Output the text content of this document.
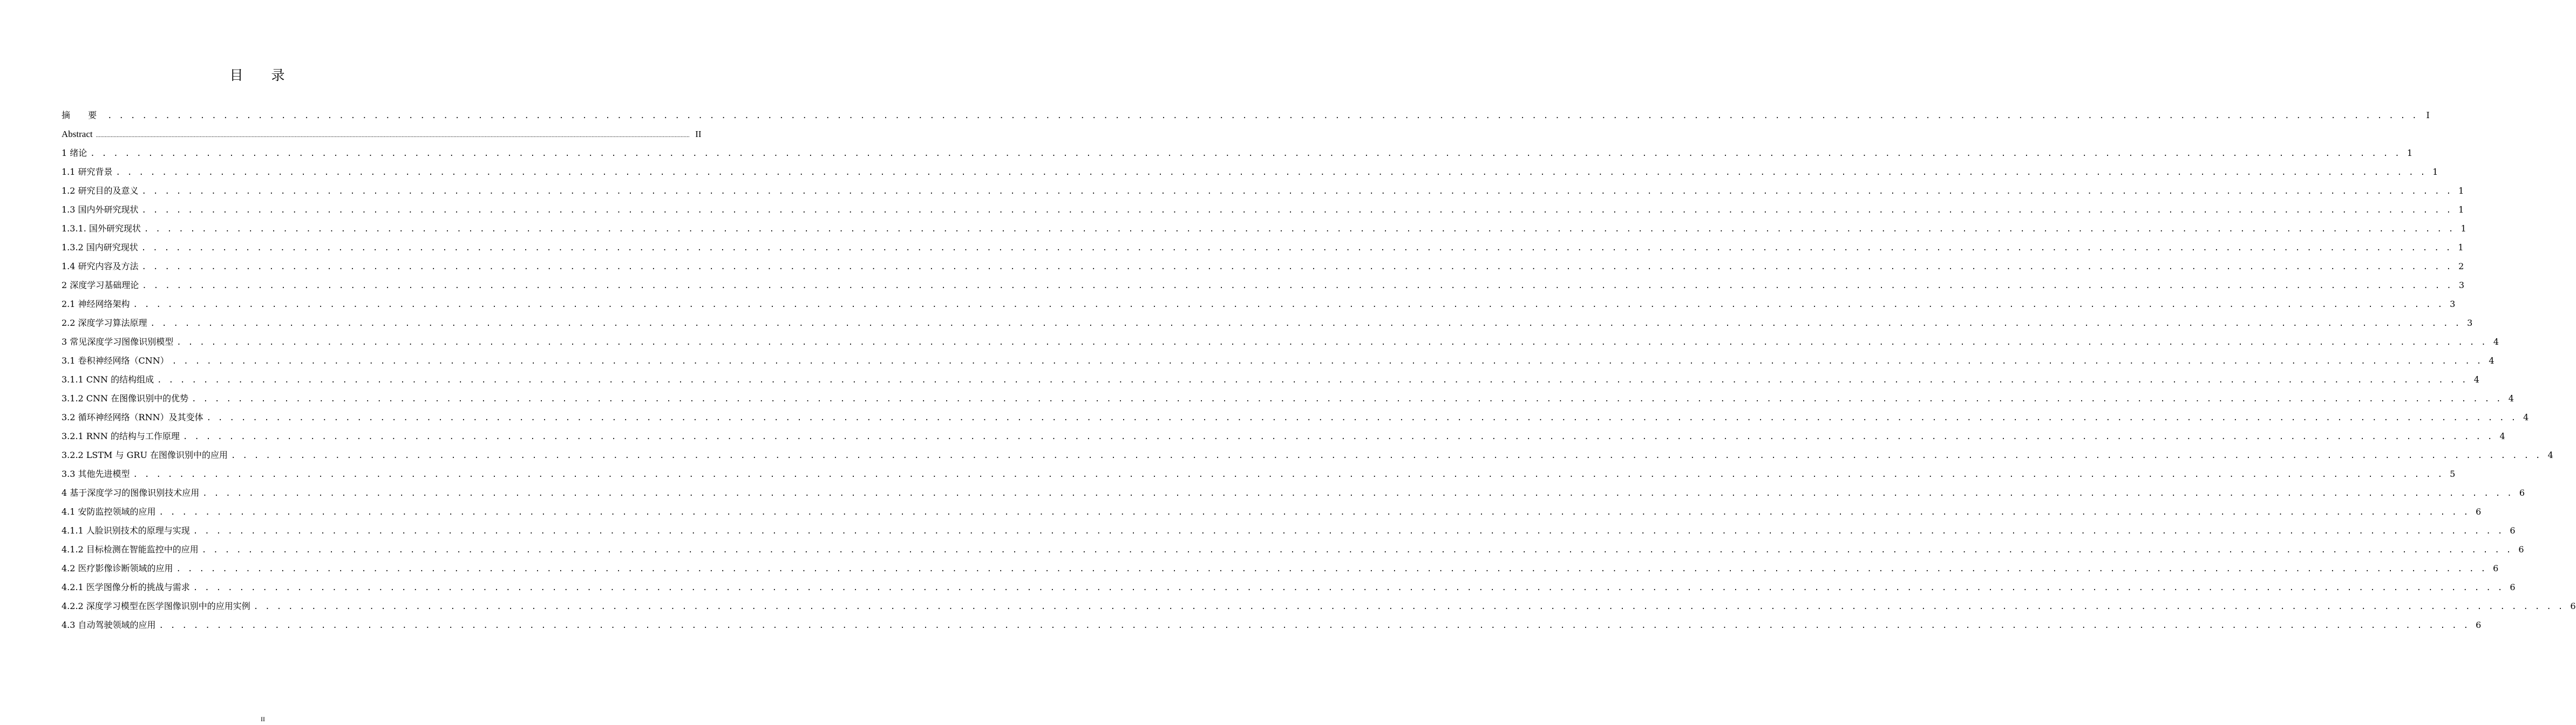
目 录
摘 要 . . . . . . . . . . . . . . . . . . . . . . . . . . . . . . . . . . . . . . . . . . . . . . . . . . . . . . . . . . . . . . . . . . . . . . . . . . . . . . . . . . . . . . . . . . . . . . . . . . . . . . . . . . . . . . . . . . . . . . . . . . . . . . . . . . . . . . . . . . . . . . . . . . . . . . . . . . . . . . . . . . . . . . . . . . . . . . . . . . . . . . . . . . . . . . . . . . . . . . . . I
Abstract ................................................................................................................................................................................................................................................................................................................................................................................................................ II
1 绪论 . . . . . . . . . . . . . . . . . . . . . . . . . . . . . . . . . . . . . . . . . . . . . . . . . . . . . . . . . . . . . . . . . . . . . . . . . . . . . . . . . . . . . . . . . . . . . . . . . . . . . . . . . . . . . . . . . . . . . . . . . . . . . . . . . . . . . . . . . . . . . . . . . . . . . . . . . . . . . . . . . . . . . . . . . . . . . . . . . . . . . . . . . . . . . . . . . . . . . . . . 1
1.1 研究背景 . . . . . . . . . . . . . . . . . . . . . . . . . . . . . . . . . . . . . . . . . . . . . . . . . . . . . . . . . . . . . . . . . . . . . . . . . . . . . . . . . . . . . . . . . . . . . . . . . . . . . . . . . . . . . . . . . . . . . . . . . . . . . . . . . . . . . . . . . . . . . . . . . . . . . . . . . . . . . . . . . . . . . . . . . . . . . . . . . . . . . . . . . . . . . . . . . . . . . . . . 1
1.2 研究目的及意义 . . . . . . . . . . . . . . . . . . . . . . . . . . . . . . . . . . . . . . . . . . . . . . . . . . . . . . . . . . . . . . . . . . . . . . . . . . . . . . . . . . . . . . . . . . . . . . . . . . . . . . . . . . . . . . . . . . . . . . . . . . . . . . . . . . . . . . . . . . . . . . . . . . . . . . . . . . . . . . . . . . . . . . . . . . . . . . . . . . . . . . . . . . . . . . . . . . . . . . . . 1
1.3 国内外研究现状 . . . . . . . . . . . . . . . . . . . . . . . . . . . . . . . . . . . . . . . . . . . . . . . . . . . . . . . . . . . . . . . . . . . . . . . . . . . . . . . . . . . . . . . . . . . . . . . . . . . . . . . . . . . . . . . . . . . . . . . . . . . . . . . . . . . . . . . . . . . . . . . . . . . . . . . . . . . . . . . . . . . . . . . . . . . . . . . . . . . . . . . . . . . . . . . . . . . . . . . . 1
1.3.1. 国外研究现状 . . . . . . . . . . . . . . . . . . . . . . . . . . . . . . . . . . . . . . . . . . . . . . . . . . . . . . . . . . . . . . . . . . . . . . . . . . . . . . . . . . . . . . . . . . . . . . . . . . . . . . . . . . . . . . . . . . . . . . . . . . . . . . . . . . . . . . . . . . . . . . . . . . . . . . . . . . . . . . . . . . . . . . . . . . . . . . . . . . . . . . . . . . . . . . . . . . . . . . . . 1
1.3.2 国内研究现状 . . . . . . . . . . . . . . . . . . . . . . . . . . . . . . . . . . . . . . . . . . . . . . . . . . . . . . . . . . . . . . . . . . . . . . . . . . . . . . . . . . . . . . . . . . . . . . . . . . . . . . . . . . . . . . . . . . . . . . . . . . . . . . . . . . . . . . . . . . . . . . . . . . . . . . . . . . . . . . . . . . . . . . . . . . . . . . . . . . . . . . . . . . . . . . . . . . . . . . . . 1
1.4 研究内容及方法 . . . . . . . . . . . . . . . . . . . . . . . . . . . . . . . . . . . . . . . . . . . . . . . . . . . . . . . . . . . . . . . . . . . . . . . . . . . . . . . . . . . . . . . . . . . . . . . . . . . . . . . . . . . . . . . . . . . . . . . . . . . . . . . . . . . . . . . . . . . . . . . . . . . . . . . . . . . . . . . . . . . . . . . . . . . . . . . . . . . . . . . . . . . . . . . . . . . . . . . . 2
2 深度学习基础理论 . . . . . . . . . . . . . . . . . . . . . . . . . . . . . . . . . . . . . . . . . . . . . . . . . . . . . . . . . . . . . . . . . . . . . . . . . . . . . . . . . . . . . . . . . . . . . . . . . . . . . . . . . . . . . . . . . . . . . . . . . . . . . . . . . . . . . . . . . . . . . . . . . . . . . . . . . . . . . . . . . . . . . . . . . . . . . . . . . . . . . . . . . . . . . . . . . . . . . . . . 3
2.1 神经网络架构 . . . . . . . . . . . . . . . . . . . . . . . . . . . . . . . . . . . . . . . . . . . . . . . . . . . . . . . . . . . . . . . . . . . . . . . . . . . . . . . . . . . . . . . . . . . . . . . . . . . . . . . . . . . . . . . . . . . . . . . . . . . . . . . . . . . . . . . . . . . . . . . . . . . . . . . . . . . . . . . . . . . . . . . . . . . . . . . . . . . . . . . . . . . . . . . . . . . . . . . . 3
2.2 深度学习算法原理 . . . . . . . . . . . . . . . . . . . . . . . . . . . . . . . . . . . . . . . . . . . . . . . . . . . . . . . . . . . . . . . . . . . . . . . . . . . . . . . . . . . . . . . . . . . . . . . . . . . . . . . . . . . . . . . . . . . . . . . . . . . . . . . . . . . . . . . . . . . . . . . . . . . . . . . . . . . . . . . . . . . . . . . . . . . . . . . . . . . . . . . . . . . . . . . . . . . . . . . . 3
3 常见深度学习图像识别模型 . . . . . . . . . . . . . . . . . . . . . . . . . . . . . . . . . . . . . . . . . . . . . . . . . . . . . . . . . . . . . . . . . . . . . . . . . . . . . . . . . . . . . . . . . . . . . . . . . . . . . . . . . . . . . . . . . . . . . . . . . . . . . . . . . . . . . . . . . . . . . . . . . . . . . . . . . . . . . . . . . . . . . . . . . . . . . . . . . . . . . . . . . . . . . . . . . . . . . . . . 4
3.1 卷积神经网络（CNN） . . . . . . . . . . . . . . . . . . . . . . . . . . . . . . . . . . . . . . . . . . . . . . . . . . . . . . . . . . . . . . . . . . . . . . . . . . . . . . . . . . . . . . . . . . . . . . . . . . . . . . . . . . . . . . . . . . . . . . . . . . . . . . . . . . . . . . . . . . . . . . . . . . . . . . . . . . . . . . . . . . . . . . . . . . . . . . . . . . . . . . . . . . . . . . . . . . . . . . . . 4
3.1.1 CNN 的结构组成 . . . . . . . . . . . . . . . . . . . . . . . . . . . . . . . . . . . . . . . . . . . . . . . . . . . . . . . . . . . . . . . . . . . . . . . . . . . . . . . . . . . . . . . . . . . . . . . . . . . . . . . . . . . . . . . . . . . . . . . . . . . . . . . . . . . . . . . . . . . . . . . . . . . . . . . . . . . . . . . . . . . . . . . . . . . . . . . . . . . . . . . . . . . . . . . . . . . . . . . . 4
3.1.2 CNN 在图像识别中的优势 . . . . . . . . . . . . . . . . . . . . . . . . . . . . . . . . . . . . . . . . . . . . . . . . . . . . . . . . . . . . . . . . . . . . . . . . . . . . . . . . . . . . . . . . . . . . . . . . . . . . . . . . . . . . . . . . . . . . . . . . . . . . . . . . . . . . . . . . . . . . . . . . . . . . . . . . . . . . . . . . . . . . . . . . . . . . . . . . . . . . . . . . . . . . . . . . . . . . . . . . 4
3.2 循环神经网络（RNN）及其变体 . . . . . . . . . . . . . . . . . . . . . . . . . . . . . . . . . . . . . . . . . . . . . . . . . . . . . . . . . . . . . . . . . . . . . . . . . . . . . . . . . . . . . . . . . . . . . . . . . . . . . . . . . . . . . . . . . . . . . . . . . . . . . . . . . . . . . . . . . . . . . . . . . . . . . . . . . . . . . . . . . . . . . . . . . . . . . . . . . . . . . . . . . . . . . . . . . . . . . . . . 4
3.2.1 RNN 的结构与工作原理 . . . . . . . . . . . . . . . . . . . . . . . . . . . . . . . . . . . . . . . . . . . . . . . . . . . . . . . . . . . . . . . . . . . . . . . . . . . . . . . . . . . . . . . . . . . . . . . . . . . . . . . . . . . . . . . . . . . . . . . . . . . . . . . . . . . . . . . . . . . . . . . . . . . . . . . . . . . . . . . . . . . . . . . . . . . . . . . . . . . . . . . . . . . . . . . . . . . . . . . . 4
3.2.2 LSTM 与 GRU 在图像识别中的应用 . . . . . . . . . . . . . . . . . . . . . . . . . . . . . . . . . . . . . . . . . . . . . . . . . . . . . . . . . . . . . . . . . . . . . . . . . . . . . . . . . . . . . . . . . . . . . . . . . . . . . . . . . . . . . . . . . . . . . . . . . . . . . . . . . . . . . . . . . . . . . . . . . . . . . . . . . . . . . . . . . . . . . . . . . . . . . . . . . . . . . . . . . . . . . . . . . . . . . . . . 4
3.3 其他先进模型 . . . . . . . . . . . . . . . . . . . . . . . . . . . . . . . . . . . . . . . . . . . . . . . . . . . . . . . . . . . . . . . . . . . . . . . . . . . . . . . . . . . . . . . . . . . . . . . . . . . . . . . . . . . . . . . . . . . . . . . . . . . . . . . . . . . . . . . . . . . . . . . . . . . . . . . . . . . . . . . . . . . . . . . . . . . . . . . . . . . . . . . . . . . . . . . . . . . . . . . . 5
4 基于深度学习的图像识别技术应用 . . . . . . . . . . . . . . . . . . . . . . . . . . . . . . . . . . . . . . . . . . . . . . . . . . . . . . . . . . . . . . . . . . . . . . . . . . . . . . . . . . . . . . . . . . . . . . . . . . . . . . . . . . . . . . . . . . . . . . . . . . . . . . . . . . . . . . . . . . . . . . . . . . . . . . . . . . . . . . . . . . . . . . . . . . . . . . . . . . . . . . . . . . . . . . . . . . . . . . . . 6
4.1 安防监控领域的应用 . . . . . . . . . . . . . . . . . . . . . . . . . . . . . . . . . . . . . . . . . . . . . . . . . . . . . . . . . . . . . . . . . . . . . . . . . . . . . . . . . . . . . . . . . . . . . . . . . . . . . . . . . . . . . . . . . . . . . . . . . . . . . . . . . . . . . . . . . . . . . . . . . . . . . . . . . . . . . . . . . . . . . . . . . . . . . . . . . . . . . . . . . . . . . . . . . . . . . . . . 6
4.1.1 人脸识别技术的原理与实现 . . . . . . . . . . . . . . . . . . . . . . . . . . . . . . . . . . . . . . . . . . . . . . . . . . . . . . . . . . . . . . . . . . . . . . . . . . . . . . . . . . . . . . . . . . . . . . . . . . . . . . . . . . . . . . . . . . . . . . . . . . . . . . . . . . . . . . . . . . . . . . . . . . . . . . . . . . . . . . . . . . . . . . . . . . . . . . . . . . . . . . . . . . . . . . . . . . . . . . . . 6
4.1.2 目标检测在智能监控中的应用 . . . . . . . . . . . . . . . . . . . . . . . . . . . . . . . . . . . . . . . . . . . . . . . . . . . . . . . . . . . . . . . . . . . . . . . . . . . . . . . . . . . . . . . . . . . . . . . . . . . . . . . . . . . . . . . . . . . . . . . . . . . . . . . . . . . . . . . . . . . . . . . . . . . . . . . . . . . . . . . . . . . . . . . . . . . . . . . . . . . . . . . . . . . . . . . . . . . . . . . . 6
4.2 医疗影像诊断领域的应用 . . . . . . . . . . . . . . . . . . . . . . . . . . . . . . . . . . . . . . . . . . . . . . . . . . . . . . . . . . . . . . . . . . . . . . . . . . . . . . . . . . . . . . . . . . . . . . . . . . . . . . . . . . . . . . . . . . . . . . . . . . . . . . . . . . . . . . . . . . . . . . . . . . . . . . . . . . . . . . . . . . . . . . . . . . . . . . . . . . . . . . . . . . . . . . . . . . . . . . . . 6
4.2.1 医学图像分析的挑战与需求 . . . . . . . . . . . . . . . . . . . . . . . . . . . . . . . . . . . . . . . . . . . . . . . . . . . . . . . . . . . . . . . . . . . . . . . . . . . . . . . . . . . . . . . . . . . . . . . . . . . . . . . . . . . . . . . . . . . . . . . . . . . . . . . . . . . . . . . . . . . . . . . . . . . . . . . . . . . . . . . . . . . . . . . . . . . . . . . . . . . . . . . . . . . . . . . . . . . . . . . . 6
4.2.2 深度学习模型在医学图像识别中的应用实例 . . . . . . . . . . . . . . . . . . . . . . . . . . . . . . . . . . . . . . . . . . . . . . . . . . . . . . . . . . . . . . . . . . . . . . . . . . . . . . . . . . . . . . . . . . . . . . . . . . . . . . . . . . . . . . . . . . . . . . . . . . . . . . . . . . . . . . . . . . . . . . . . . . . . . . . . . . . . . . . . . . . . . . . . . . . . . . . . . . . . . . . . . . . . . . . . . . . . . . . . 6
4.3 自动驾驶领域的应用 . . . . . . . . . . . . . . . . . . . . . . . . . . . . . . . . . . . . . . . . . . . . . . . . . . . . . . . . . . . . . . . . . . . . . . . . . . . . . . . . . . . . . . . . . . . . . . . . . . . . . . . . . . . . . . . . . . . . . . . . . . . . . . . . . . . . . . . . . . . . . . . . . . . . . . . . . . . . . . . . . . . . . . . . . . . . . . . . . . . . . . . . . . . . . . . . . . . . . . . . 6
II
